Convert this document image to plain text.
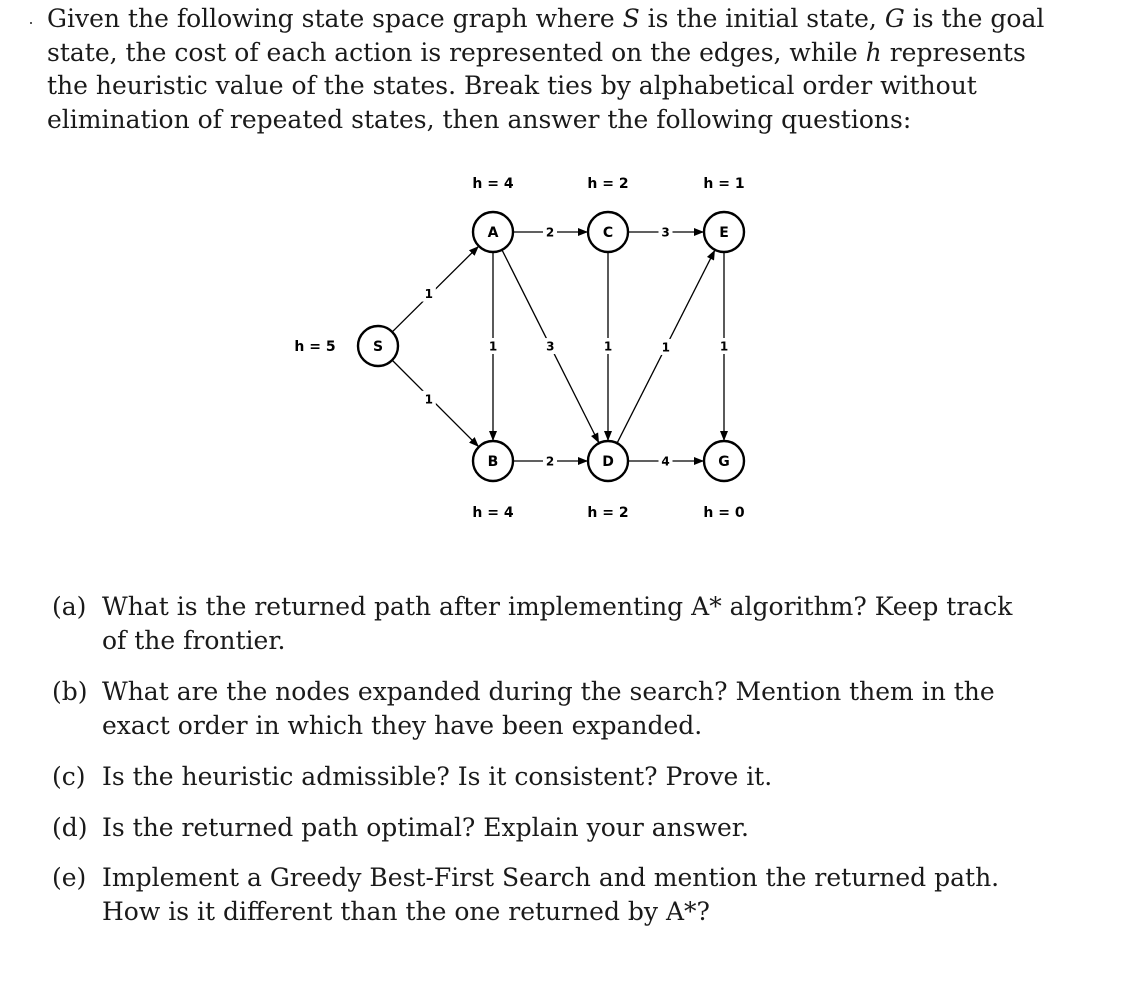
Given the following state space graph where S is the initial state, G is the goal state, the cost of each action is represented on the edges, while h represents the heuristic value of the states. Break ties by alphabetical order without elimination of repeated states, then answer the following questions:

1
1
2
1	3
3
1
2
1
4
1
S
h = 5
A
h = 4
B
h = 4
C
h = 2
D
h = 2
E
h = 1
G
h = 0
(a) What is the returned path after implementing A* algorithm? Keep track of the frontier.
(b) What are the nodes expanded during the search? Mention them in the exact order in which they have been expanded.
(c) Is the heuristic admissible? Is it consistent? Prove it.
(d) Is the returned path optimal? Explain your answer.
(e) Implement a Greedy Best-First Search and mention the returned path. How is it different than the one returned by A*?
